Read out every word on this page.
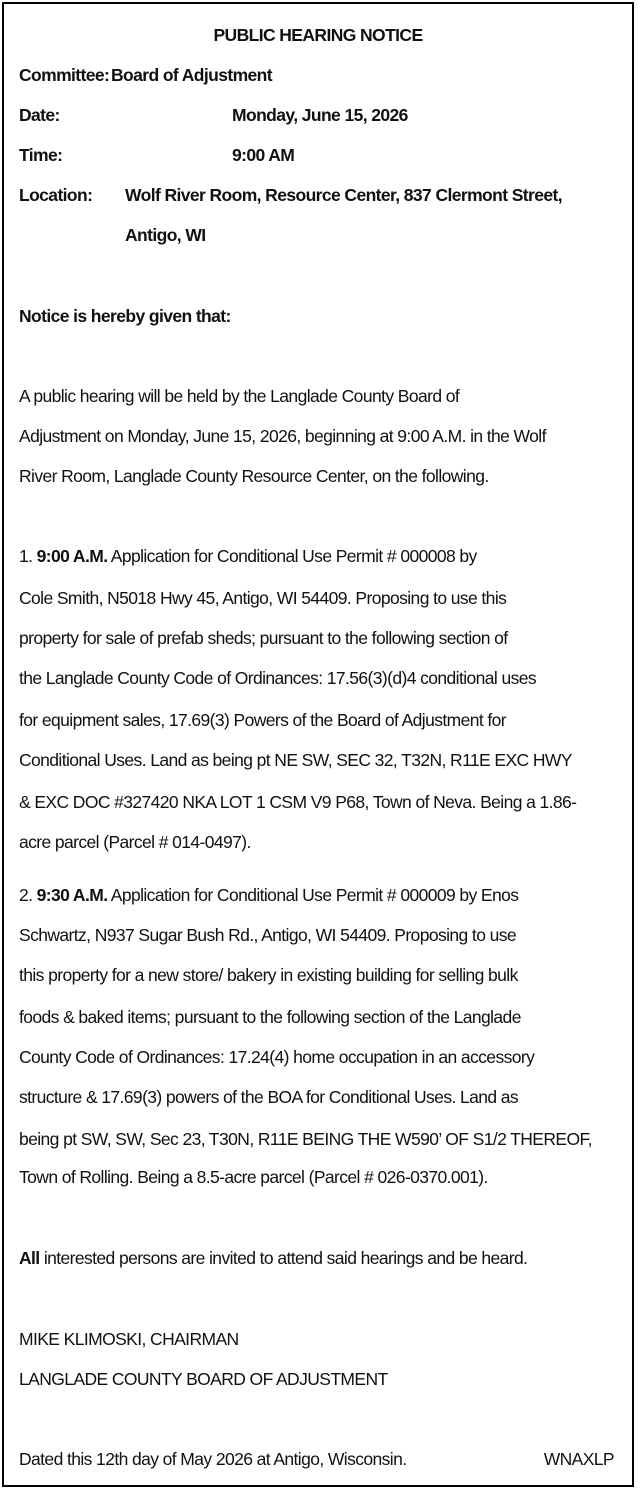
PUBLIC HEARING NOTICE
Committee: Board of Adjustment
Date:	Monday, June 15, 2026
Time:	9:00 AM
Location: Wolf River Room, Resource Center, 837 Clermont Street,
Antigo, WI
Notice is hereby given that:
A public hearing will be held by the Langlade County Board of
Adjustment on Monday, June 15, 2026, beginning at 9:00 A.M. in the Wolf
River Room, Langlade County Resource Center, on the following.
1. 9:00 A.M. Application for Conditional Use Permit # 000008 by
Cole Smith, N5018 Hwy 45, Antigo, WI 54409. Proposing to use this
property for sale of prefab sheds; pursuant to the following section of
the Langlade County Code of Ordinances: 17.56(3)(d)4 conditional uses
for equipment sales, 17.69(3) Powers of the Board of Adjustment for
Conditional Uses. Land as being pt NE SW, SEC 32, T32N, R11E EXC HWY
& EXC DOC #327420 NKA LOT 1 CSM V9 P68, Town of Neva. Being a 1.86-
acre parcel (Parcel # 014-0497).
2. 9:30 A.M. Application for Conditional Use Permit # 000009 by Enos
Schwartz, N937 Sugar Bush Rd., Antigo, WI 54409. Proposing to use
this property for a new store/ bakery in existing building for selling bulk
foods & baked items; pursuant to the following section of the Langlade
County Code of Ordinances: 17.24(4) home occupation in an accessory
structure & 17.69(3) powers of the BOA for Conditional Uses. Land as
being pt SW, SW, Sec 23, T30N, R11E BEING THE W590’ OF S1/2 THEREOF,
Town of Rolling. Being a 8.5-acre parcel (Parcel # 026-0370.001).
All interested persons are invited to attend said hearings and be heard.
MIKE KLIMOSKI, CHAIRMAN
LANGLADE COUNTY BOARD OF ADJUSTMENT
Dated this 12th day of May 2026 at Antigo, Wisconsin.	WNAXLP
